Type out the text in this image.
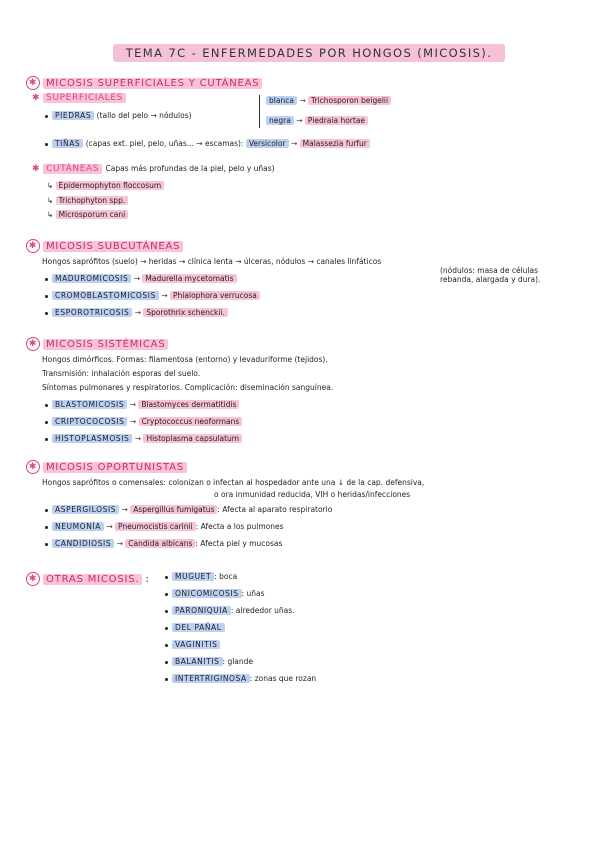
TEMA 7C - ENFERMEDADES POR HONGOS (MICOSIS).
✱ MICOSIS SUPERFICIALES Y CUTÁNEAS
✱ SUPERFICIALES
PIEDRAS (tallo del pelo → nódulos)
blanca → Trichosporon beigelii
negra → Piedraia hortae
TIÑAS (capas ext. piel, pelo, uñas... → escamas): Versicolor → Malassezia furfur
✱ CUTÁNEAS Capas más profundas de la piel, pelo y uñas)
↳ Epidermophyton floccosum
↳ Trichophyton spp.
↳ Microsporum cani
✱ MICOSIS SUBCUTÁNEAS
Hongos saprófitos (suelo) → heridas → clínica lenta → úlceras, nódulos → canales linfáticos
(nódulos: masa de células
rebanda, alargada y dura).
MADUROMICOSIS → Madurella mycetomatis
CROMOBLASTOMICOSIS → Phialophora verrucosa
ESPOROTRICOSIS → Sporothrix schenckii.
✱ MICOSIS SISTÉMICAS
Hongos dimórficos. Formas: filamentosa (entorno) y levaduriforme (tejidos).
Transmisión: inhalación esporas del suelo.
Síntomas pulmonares y respiratorios. Complicación: diseminación sanguínea.
BLASTOMICOSIS → Blastomyces dermatitidis
CRIPTOCOCOSIS → Cryptococcus neoformans
HISTOPLASMOSIS → Histoplasma capsulatum
✱ MICOSIS OPORTUNISTAS
Hongos saprófitos o comensales: colonizan o infectan al hospedador ante una ↓ de la cap. defensiva,
o ora inmunidad reducida, VIH o heridas/infecciones
ASPERGILOSIS → Aspergillus fumigatus : Afecta al aparato respiratorio
NEUMONÍA → Pneumocistis carinii : Afecta a los pulmones
CANDIDIOSIS → Candida albicans : Afecta piel y mucosas
✱ OTRAS MICOSIS. :	MUGUET : boca
ONICOMICOSIS : uñas
PARONIQUIA : alrededor uñas.
DEL PAÑAL
VAGINITIS
BALANITIS : glande
INTERTRIGINOSA : zonas que rozan
